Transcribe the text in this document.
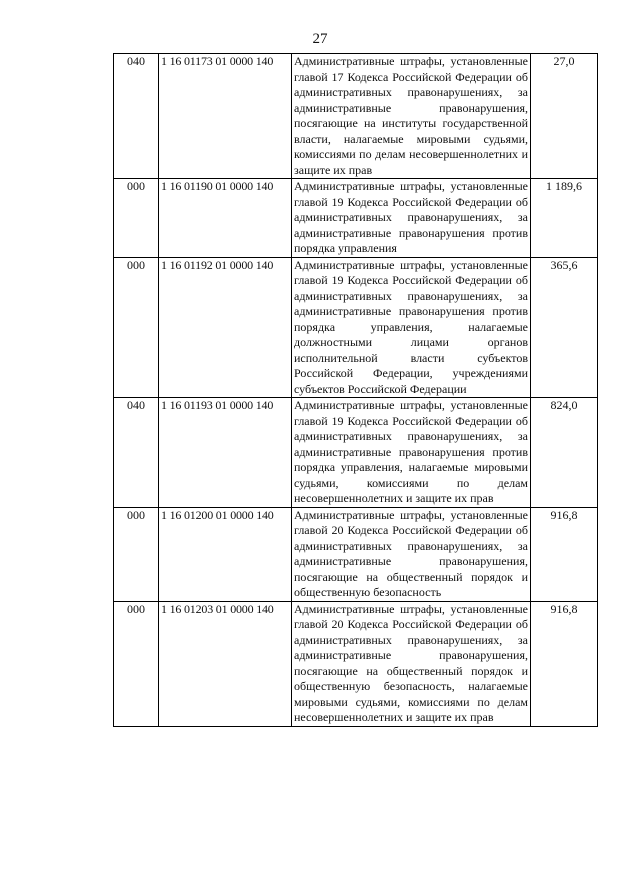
27
040	1 16 01173 01 0000 140	Административные штрафы, установленные главой 17 Кодекса Российской Федерации об административных правонарушениях, за административные правонарушения, посягающие на институты государственной власти, налагаемые мировыми судьями, комиссиями по делам несовершеннолетних и защите их прав	27,0
000	1 16 01190 01 0000 140	Административные штрафы, установленные главой 19 Кодекса Российской Федерации об административных правонарушениях, за административные правонарушения против порядка управления	1 189,6
000	1 16 01192 01 0000 140	Административные штрафы, установленные главой 19 Кодекса Российской Федерации об административных правонарушениях, за административные правонарушения против порядка управления, налагаемые должностными лицами органов исполнительной власти субъектов Российской Федерации, учреждениями субъектов Российской Федерации	365,6
040	1 16 01193 01 0000 140	Административные штрафы, установленные главой 19 Кодекса Российской Федерации об административных правонарушениях, за административные правонарушения против порядка управления, налагаемые мировыми судьями, комиссиями по делам несовершеннолетних и защите их прав	824,0
000	1 16 01200 01 0000 140	Административные штрафы, установленные главой 20 Кодекса Российской Федерации об административных правонарушениях, за административные правонарушения, посягающие на общественный порядок и общественную безопасность	916,8
000	1 16 01203 01 0000 140	Административные штрафы, установленные главой 20 Кодекса Российской Федерации об административных правонарушениях, за административные правонарушения, посягающие на общественный порядок и общественную безопасность, налагаемые мировыми судьями, комиссиями по делам несовершеннолетних и защите их прав	916,8
